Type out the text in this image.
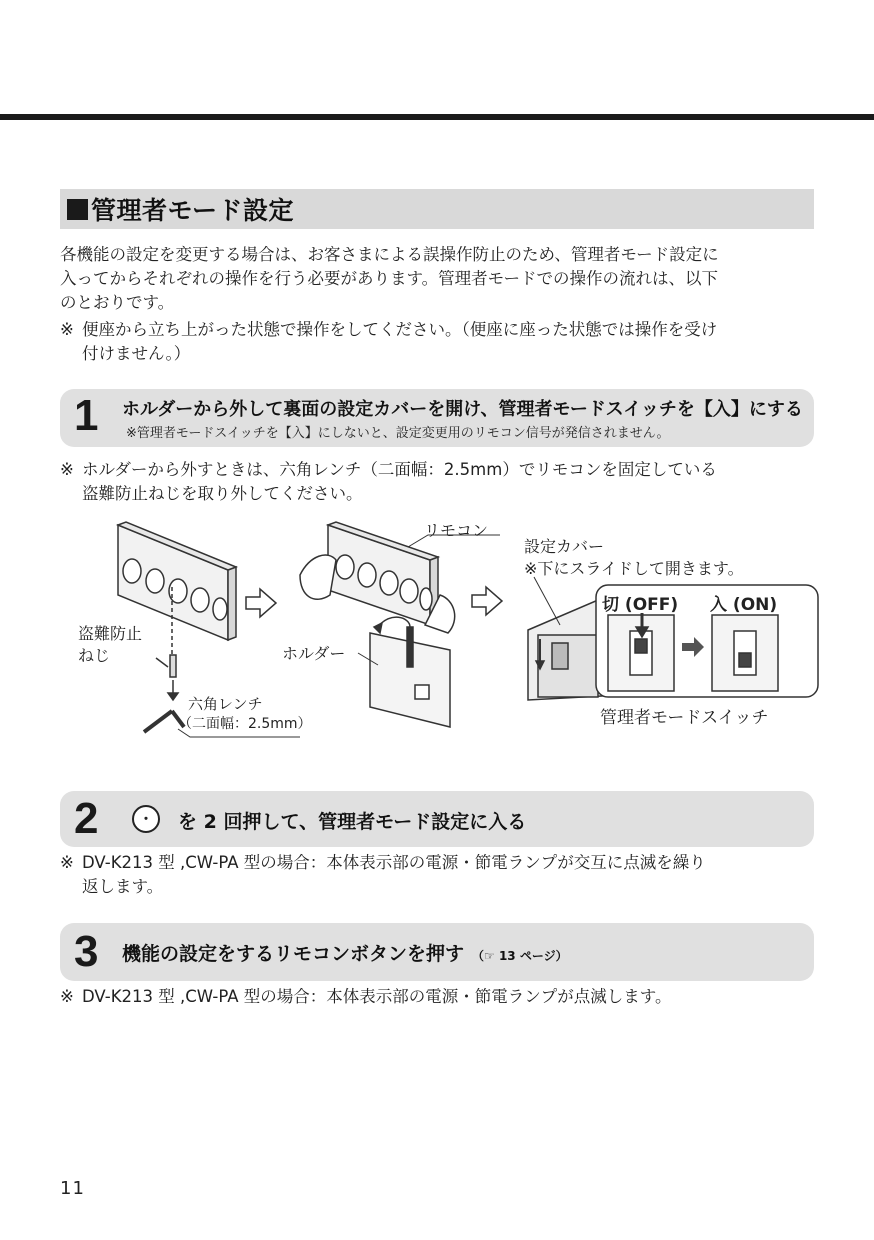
管理者モード設定

各機能の設定を変更する場合は、お客さまによる誤操作防止のため、管理者モード設定に

入ってからそれぞれの操作を行う必要があります。管理者モードでの操作の流れは、以下

のとおりです。

※ 便座から立ち上がった状態で操作をしてください。（便座に座った状態では操作を受け
付けません。）
1 ホルダーから外して裏面の設定カバーを開け、管理者モードスイッチを【入】にする
※管理者モードスイッチを【入】にしないと、設定変更用のリモコン信号が発信されません。
※ ホルダーから外すときは、六角レンチ（二面幅：2.5mm）でリモコンを固定している
盗難防止ねじを取り外してください。
リモコン
盗難防止
ねじ	ホルダー
六角レンチ
（二面幅：2.5mm）
設定カバー
※下にスライドして開きます。
切 (OFF) 入 (ON)
管理者モードスイッチ
2	・	を 2 回押して、管理者モード設定に入る
※ DV-K213 型 ,CW-PA 型の場合：本体表示部の電源・節電ランプが交互に点滅を繰り
返します。
3 機能の設定をするリモコンボタンを押す （☞ 13 ページ）
※ DV-K213 型 ,CW-PA 型の場合：本体表示部の電源・節電ランプが点滅します。
11
